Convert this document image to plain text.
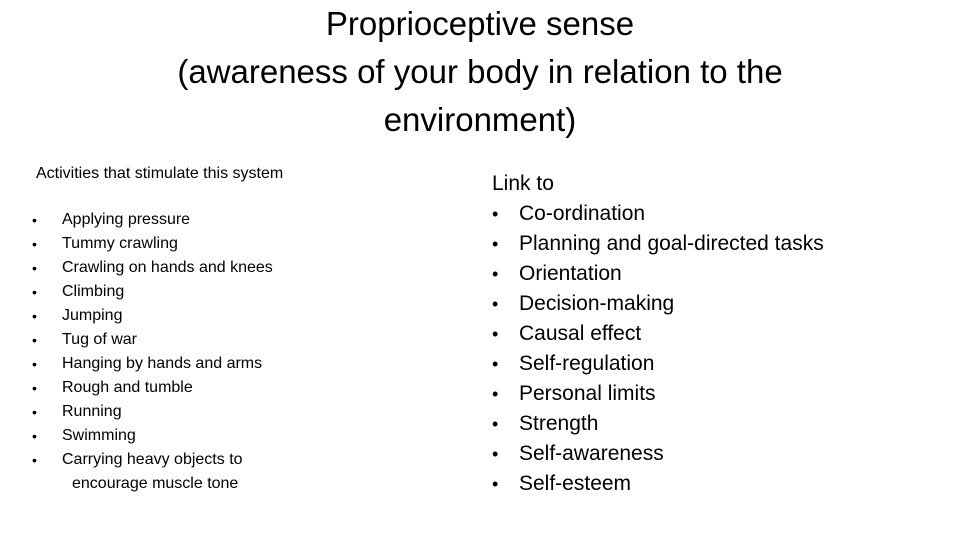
Proprioceptive sense
(awareness of your body in relation to the
environment)
Activities that stimulate this system
• Applying pressure
• Tummy crawling
• Crawling on hands and knees
• Climbing
• Jumping
• Tug of war
• Hanging by hands and arms
• Rough and tumble
• Running
• Swimming
• Carrying heavy objects to
encourage muscle tone
Link to
• Co-ordination
• Planning and goal-directed tasks
• Orientation
• Decision-making
• Causal effect
• Self-regulation
• Personal limits
• Strength
• Self-awareness
• Self-esteem
